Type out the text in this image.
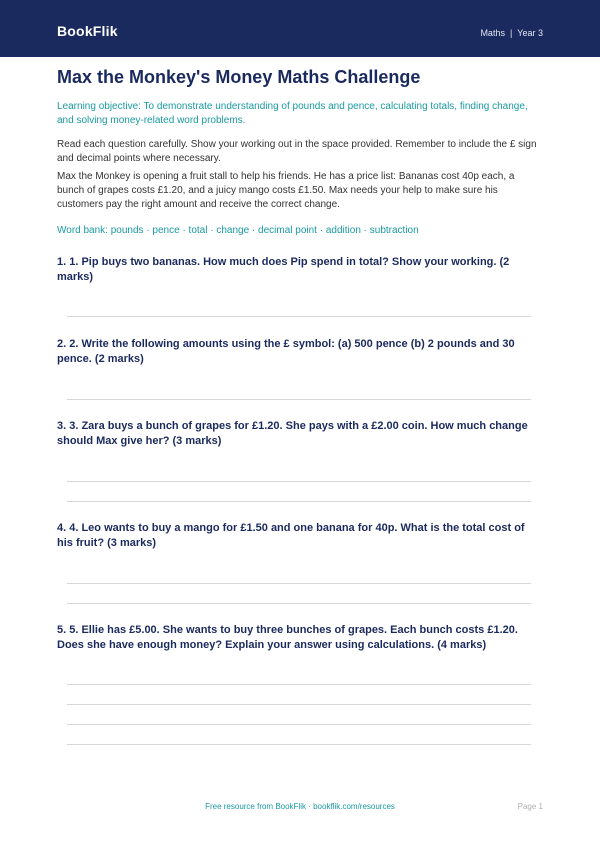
BookFlik	Maths | Year 3
Max the Monkey's Money Maths Challenge

Learning objective: To demonstrate understanding of pounds and pence, calculating totals, finding change, and solving money-related word problems.

Read each question carefully. Show your working out in the space provided. Remember to include the £ sign and decimal points where necessary.

Max the Monkey is opening a fruit stall to help his friends. He has a price list: Bananas cost 40p each, a bunch of grapes costs £1.20, and a juicy mango costs £1.50. Max needs your help to make sure his customers pay the right amount and receive the correct change.

Word bank: pounds · pence · total · change · decimal point · addition · subtraction

1. 1. Pip buys two bananas. How much does Pip spend in total? Show your working. (2 marks)
2. 2. Write the following amounts using the £ symbol: (a) 500 pence (b) 2 pounds and 30 pence. (2 marks)
3. 3. Zara buys a bunch of grapes for £1.20. She pays with a £2.00 coin. How much change should Max give her? (3 marks)
4. 4. Leo wants to buy a mango for £1.50 and one banana for 40p. What is the total cost of his fruit? (3 marks)
5. 5. Ellie has £5.00. She wants to buy three bunches of grapes. Each bunch costs £1.20. Does she have enough money? Explain your answer using calculations. (4 marks)
Free resource from BookFlik · bookflik.com/resources	Page 1
